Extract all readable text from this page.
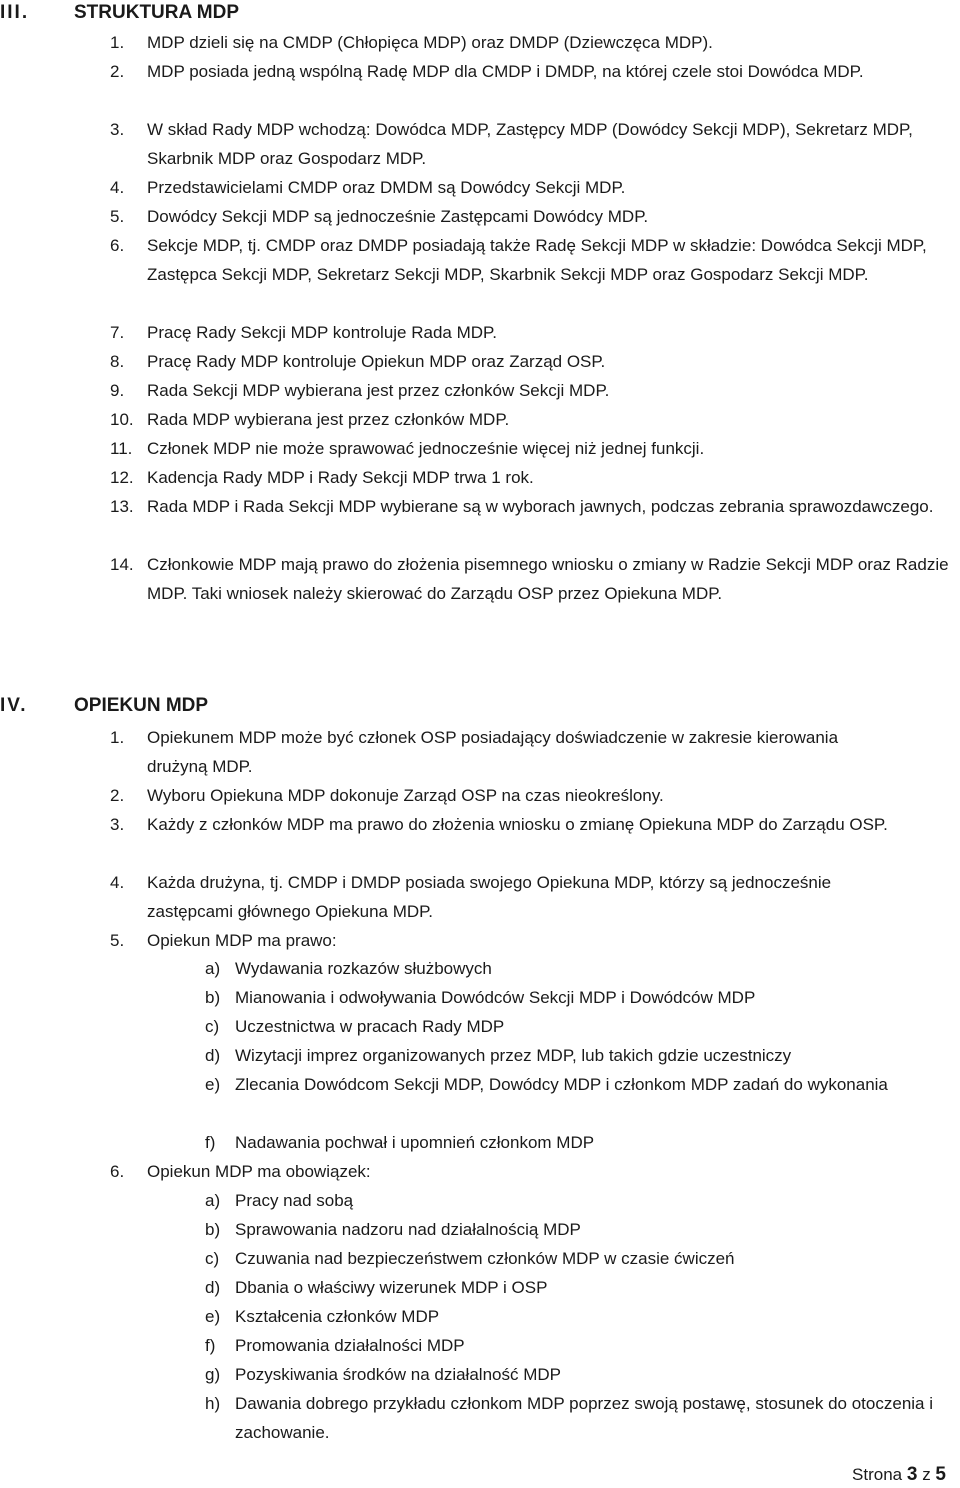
III. STRUKTURA MDP
1. MDP dzieli się na CMDP (Chłopięca MDP) oraz DMDP (Dziewczęca MDP).
2. MDP posiada jedną wspólną Radę MDP dla CMDP i DMDP, na której czele stoi Dowódca MDP.
3. W skład Rady MDP wchodzą: Dowódca MDP, Zastępcy MDP (Dowódcy Sekcji MDP), Sekretarz MDP, Skarbnik MDP oraz Gospodarz MDP.
4. Przedstawicielami CMDP oraz DMDM są Dowódcy Sekcji MDP.
5. Dowódcy Sekcji MDP są jednocześnie Zastępcami Dowódcy MDP.
6. Sekcje MDP, tj. CMDP oraz DMDP posiadają także Radę Sekcji MDP w składzie: Dowódca Sekcji MDP, Zastępca Sekcji MDP, Sekretarz Sekcji MDP, Skarbnik Sekcji MDP oraz Gospodarz Sekcji MDP.
7. Pracę Rady Sekcji MDP kontroluje Rada MDP.
8. Pracę Rady MDP kontroluje Opiekun MDP oraz Zarząd OSP.
9. Rada Sekcji MDP wybierana jest przez członków Sekcji MDP.
10. Rada MDP wybierana jest przez członków MDP.
11. Członek MDP nie może sprawować jednocześnie więcej niż jednej funkcji.
12. Kadencja Rady MDP i Rady Sekcji MDP trwa 1 rok.
13. Rada MDP i Rada Sekcji MDP wybierane są w wyborach jawnych, podczas zebrania sprawozdawczego.
14. Członkowie MDP mają prawo do złożenia pisemnego wniosku o zmiany w Radzie Sekcji MDP oraz Radzie MDP. Taki wniosek należy skierować do Zarządu OSP przez Opiekuna MDP.
IV. OPIEKUN MDP
1. Opiekunem MDP może być członek OSP posiadający doświadczenie w zakresie kierowania drużyną MDP.
2. Wyboru Opiekuna MDP dokonuje Zarząd OSP na czas nieokreślony.
3. Każdy z członków MDP ma prawo do złożenia wniosku o zmianę Opiekuna MDP do Zarządu OSP.
4. Każda drużyna, tj. CMDP i DMDP posiada swojego Opiekuna MDP, którzy są jednocześnie zastępcami głównego Opiekuna MDP.
5. Opiekun MDP ma prawo:
a) Wydawania rozkazów służbowych
b) Mianowania i odwoływania Dowódców Sekcji MDP i Dowódców MDP
c) Uczestnictwa w pracach Rady MDP
d) Wizytacji imprez organizowanych przez MDP, lub takich gdzie uczestniczy
e) Zlecania Dowódcom Sekcji MDP, Dowódcy MDP i członkom MDP zadań do wykonania
f) Nadawania pochwał i upomnień członkom MDP
6. Opiekun MDP ma obowiązek:
a) Pracy nad sobą
b) Sprawowania nadzoru nad działalnością MDP
c) Czuwania nad bezpieczeństwem członków MDP w czasie ćwiczeń
d) Dbania o właściwy wizerunek MDP i OSP
e) Kształcenia członków MDP
f) Promowania działalności MDP
g) Pozyskiwania środków na działalność MDP
h) Dawania dobrego przykładu członkom MDP poprzez swoją postawę, stosunek do otoczenia i zachowanie.
Strona 3 z 5
